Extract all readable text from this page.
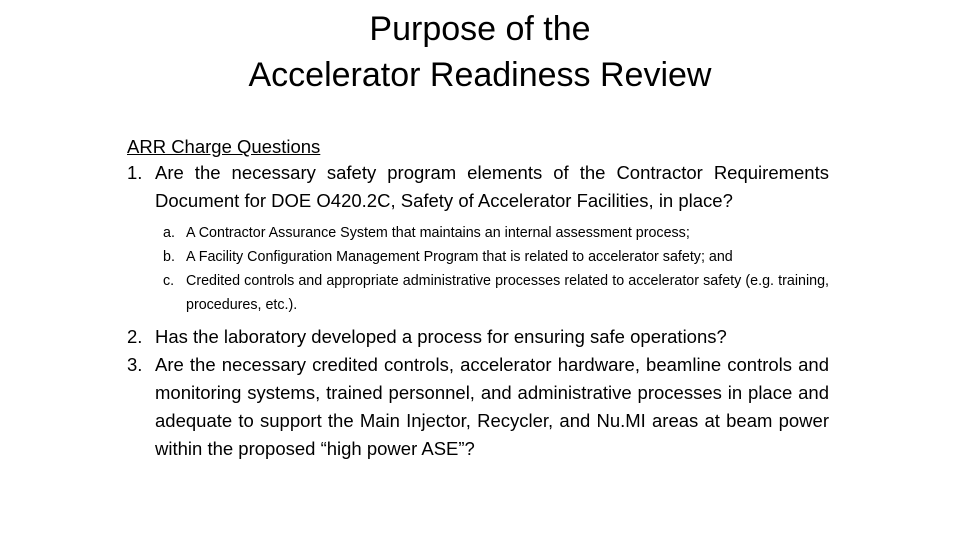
Purpose of the
Accelerator Readiness Review

ARR Charge Questions

1. Are the necessary safety program elements of the Contractor Requirements Document for DOE O420.2C, Safety of Accelerator Facilities, in place?
a. A Contractor Assurance System that maintains an internal assessment process;
b. A Facility Configuration Management Program that is related to accelerator safety; and
c. Credited controls and appropriate administrative processes related to accelerator safety (e.g. training, procedures, etc.).
2. Has the laboratory developed a process for ensuring safe operations?
3. Are the necessary credited controls, accelerator hardware, beamline controls and monitoring systems, trained personnel, and administrative processes in place and adequate to support the Main Injector, Recycler, and Nu.MI areas at beam power within the proposed “high power ASE”?
